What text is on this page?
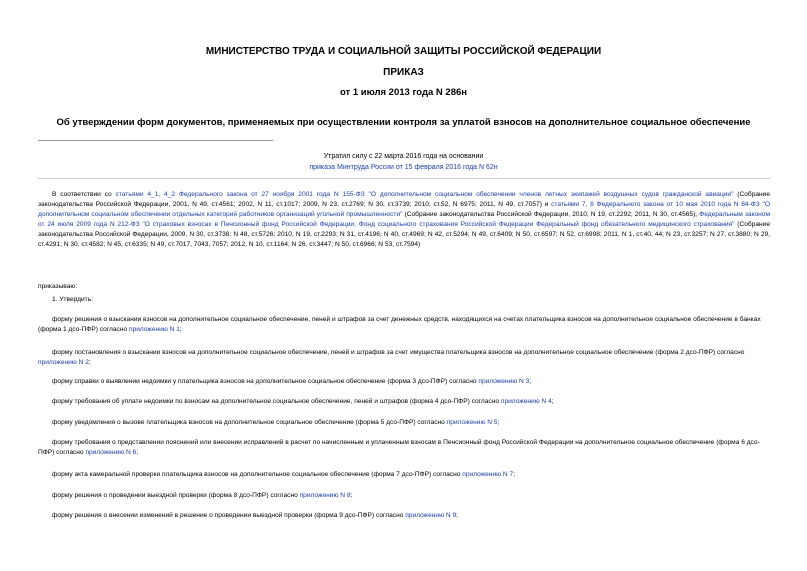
МИНИСТЕРСТВО ТРУДА И СОЦИАЛЬНОЙ ЗАЩИТЫ РОССИЙСКОЙ ФЕДЕРАЦИИ
ПРИКАЗ
от 1 июля 2013 года N 286н
Об утверждении форм документов, применяемых при осуществлении контроля за уплатой взносов на дополнительное социальное обеспечение
Утратил силу с 22 марта 2016 года на основании
приказа Минтруда России от 15 февраля 2016 года N 62н
В соответствии со статьями 4_1, 4_2 Федерального закона от 27 ноября 2001 года N 155-ФЗ "О дополнительном социальном обеспечении членов летных экипажей воздушных судов гражданской авиации" (Собрание законодательства Российской Федерации, 2001, N 49, ст.4561; 2002, N 11, ст.1017; 2009, N 23, ст.2769; N 30, ст.3739; 2010, ст.52, N 6975; 2011, N 49, ст.7057) и статьями 7, 8 Федерального закона от 10 мая 2010 года N 84-ФЗ "О дополнительном социальном обеспечении отдельных категорий работников организаций угольной промышленности" (Собрание законодательства Российской Федерации, 2010, N 19, ст.2292; 2011, N 30, ст.4565), Федеральным законом от 24 июля 2009 года N 212-ФЗ "О страховых взносах в Пенсионный фонд Российской Федерации, Фонд социального страхования Российской Федерации Федеральный фонд обязательного медицинского страхования" (Собрание законодательства Российской Федерации, 2009, N 30, ст.3738; N 48, ст.5726; 2010, N 19, ст.2293; N 31, ст.4196; N 40, ст.4969; N 42, ст.5294; N 49, ст.6409; N 50, ст.6597; N 52, ст.6998; 2011, N 1, ст.40, 44; N 23, ст.3257; N 27, ст.3880; N 29, ст.4291; N 30, ст.4582; N 45, ст.6335; N 49, ст.7017, 7043, 7057; 2012, N 10, ст.1164; N 26, ст.3447; N 50, ст.6966; N 53, ст.7594)
приказываю:
1. Утвердить:
форму решения о взыскании взносов на дополнительное социальное обеспечение, пеней и штрафов за счет денежных средств, находящихся на счетах плательщика взносов на дополнительное социальное обеспечение в банках (форма 1 дсо-ПФР) согласно приложению N 1;
форму постановления о взыскании взносов на дополнительное социальное обеспечение, пеней и штрафов за счет имущества плательщика взносов на дополнительное социальное обеспечение (форма 2 дсо-ПФР) согласно приложению N 2;
форму справки о выявлении недоимки у плательщика взносов на дополнительное социальное обеспечение (форма 3 дсо-ПФР) согласно приложению N 3;
форму требования об уплате недоимки по взносам на дополнительное социальное обеспечение, пеней и штрафов (форма 4 дсо-ПФР) согласно приложению N 4;
форму уведомления о вызове плательщика взносов на дополнительное социальное обеспечение (форма 5 дсо-ПФР) согласно приложению N 5;
форму требования о представлении пояснений или внесении исправлений в расчет по начисленным и уплаченным взносам в Пенсионный фонд Российской Федерации на дополнительное социальное обеспечение (форма 6 дсо-ПФР) согласно приложению N 6;
форму акта камеральной проверки плательщика взносов на дополнительное социальное обеспечение (форма 7 дсо-ПФР) согласно приложению N 7;
форму решения о проведении выездной проверки (форма 8 дсо-ПФР) согласно приложению N 8;
форму решения о внесении изменений в решение о проведении выездной проверки (форма 9 дсо-ПФР) согласно приложению N 9;
